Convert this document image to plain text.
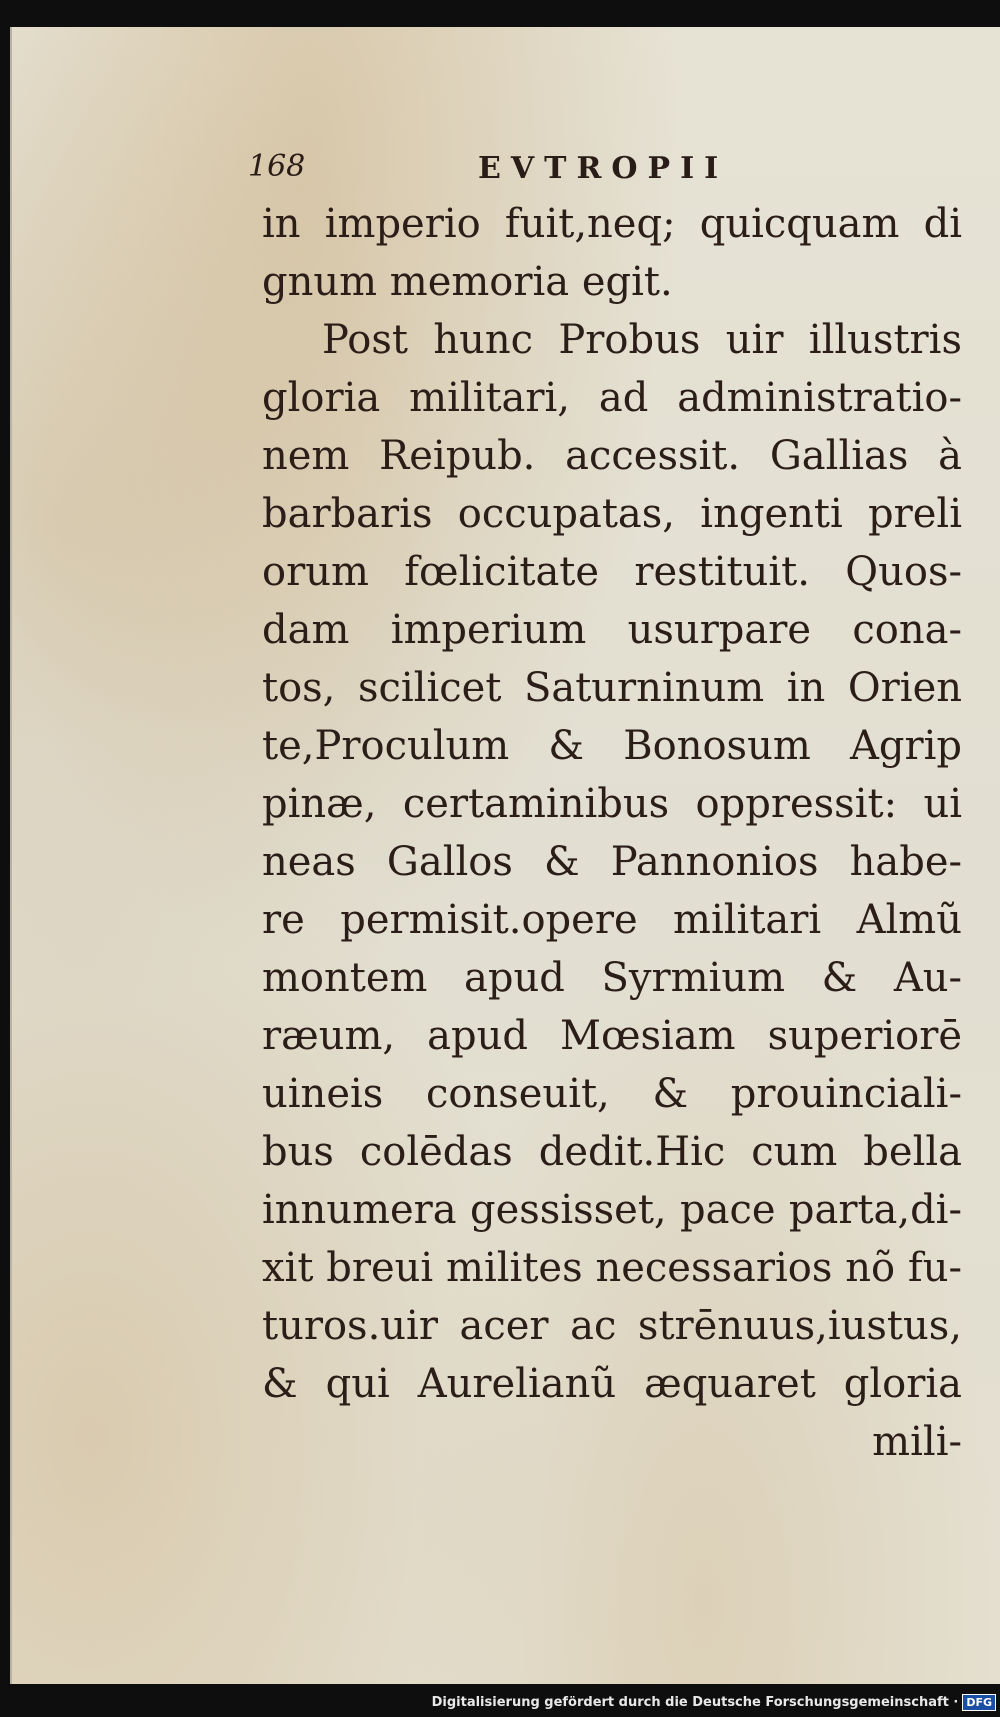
168	EVTROPII
in imperio fuit,neq; quicquam di
gnum memoria egit.
Post hunc Probus uir illustris
gloria militari, ad administratio-
nem Reipub. accessit. Gallias à
barbaris occupatas, ingenti preli
orum fœlicitate restituit. Quos-
dam imperium usurpare cona-
tos, scilicet Saturninum in Orien
te,Proculum & Bonosum Agrip
pinæ, certaminibus oppressit: ui
neas Gallos & Pannonios habe-
re permisit.opere militari Almũ
montem apud Syrmium & Au-
ræum, apud Mœsiam superiorē
uineis conseuit, & prouinciali-
bus colēdas dedit.Hic cum bella
innumera gessisset, pace parta,di-
xit breui milites necessarios nõ fu-
turos.uir acer ac strēnuus,iustus,
& qui Aurelianũ æquaret gloria
mili-
Digitalisierung gefördert durch die Deutsche Forschungsgemeinschaft · DFG
